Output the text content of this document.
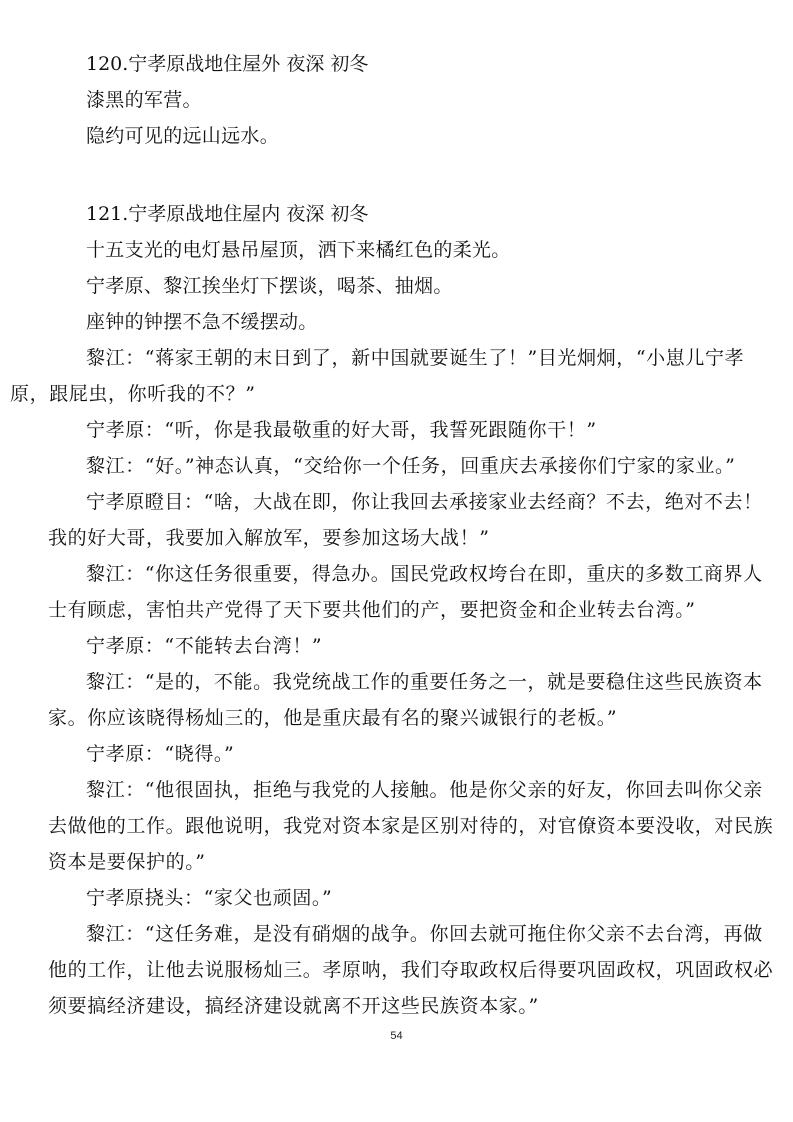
120.宁孝原战地住屋外 夜深 初冬
漆黑的军营。
隐约可见的远山远水。
121.宁孝原战地住屋内 夜深 初冬
十五支光的电灯悬吊屋顶，洒下来橘红色的柔光。
宁孝原、黎江挨坐灯下摆谈，喝茶、抽烟。
座钟的钟摆不急不缓摆动。
黎江：“蒋家王朝的末日到了，新中国就要诞生了！”目光炯炯，“小崽儿宁孝
原，跟屁虫，你听我的不？”
宁孝原：“听，你是我最敬重的好大哥，我誓死跟随你干！”
黎江：“好。”神态认真，“交给你一个任务，回重庆去承接你们宁家的家业。”
宁孝原瞪目：“啥，大战在即，你让我回去承接家业去经商？不去，绝对不去！
我的好大哥，我要加入解放军，要参加这场大战！”
黎江：“你这任务很重要，得急办。国民党政权垮台在即，重庆的多数工商界人
士有顾虑，害怕共产党得了天下要共他们的产，要把资金和企业转去台湾。”
宁孝原：“不能转去台湾！”
黎江：“是的，不能。我党统战工作的重要任务之一，就是要稳住这些民族资本
家。你应该晓得杨灿三的，他是重庆最有名的聚兴诚银行的老板。”
宁孝原：“晓得。”
黎江：“他很固执，拒绝与我党的人接触。他是你父亲的好友，你回去叫你父亲
去做他的工作。跟他说明，我党对资本家是区别对待的，对官僚资本要没收，对民族
资本是要保护的。”
宁孝原挠头：“家父也顽固。”
黎江：“这任务难，是没有硝烟的战争。你回去就可拖住你父亲不去台湾，再做
他的工作，让他去说服杨灿三。孝原呐，我们夺取政权后得要巩固政权，巩固政权必
须要搞经济建设，搞经济建设就离不开这些民族资本家。”
54
